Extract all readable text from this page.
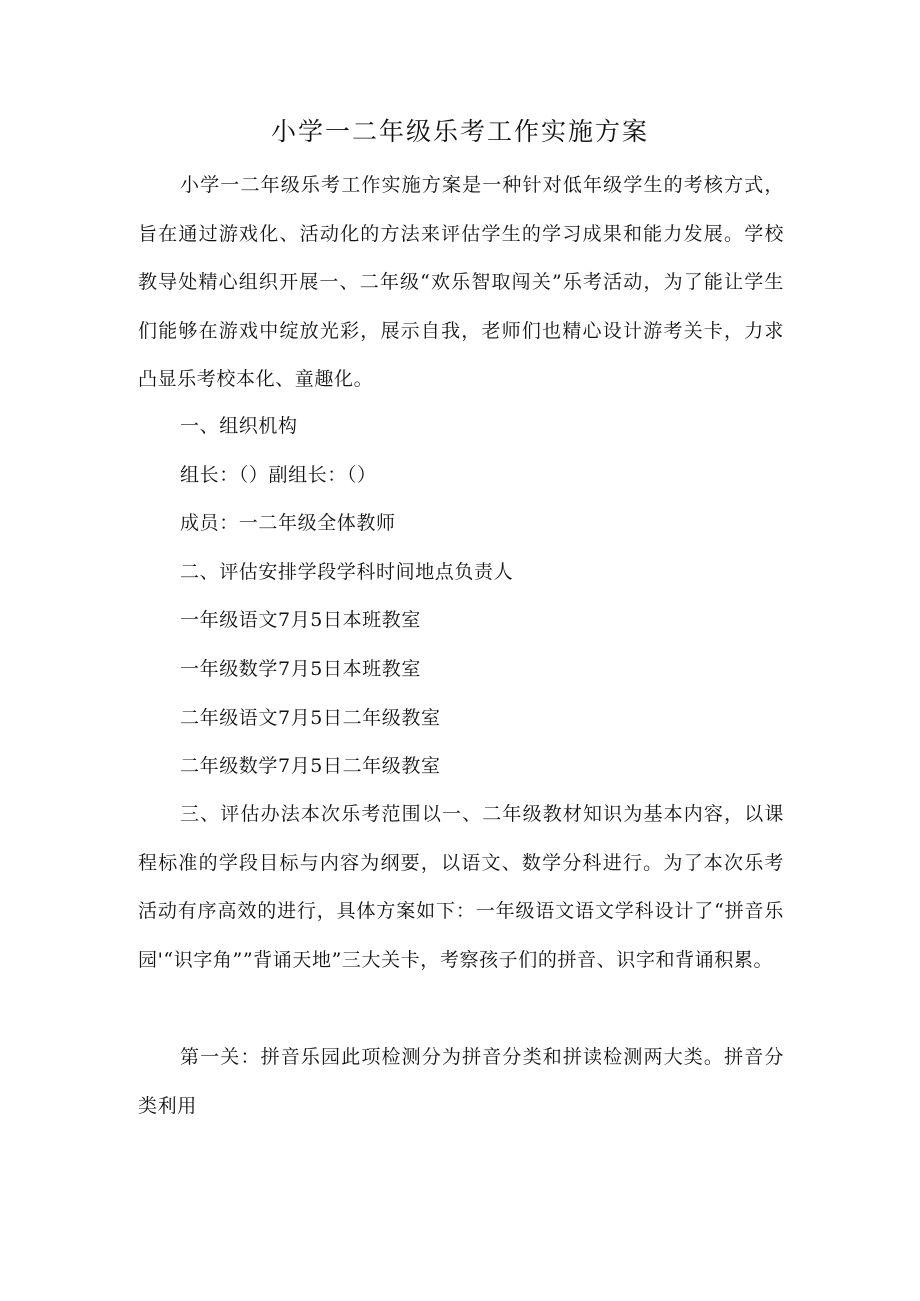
小学一二年级乐考工作实施方案

小学一二年级乐考工作实施方案是一种针对低年级学生的考核方式，旨在通过游戏化、活动化的方法来评估学生的学习成果和能力发展。学校教导处精心组织开展一、二年级“欢乐智取闯关”乐考活动，为了能让学生们能够在游戏中绽放光彩，展示自我，老师们也精心设计游考关卡，力求凸显乐考校本化、童趣化。

一、组织机构

组长：（）副组长：（）

成员：一二年级全体教师

二、评估安排学段学科时间地点负责人

一年级语文7月5日本班教室

一年级数学7月5日本班教室

二年级语文7月5日二年级教室

二年级数学7月5日二年级教室

三、评估办法本次乐考范围以一、二年级教材知识为基本内容，以课程标准的学段目标与内容为纲要，以语文、数学分科进行。为了本次乐考活动有序高效的进行，具体方案如下：一年级语文语文学科设计了“拼音乐园'“识字角””背诵天地”三大关卡，考察孩子们的拼音、识字和背诵积累。

第一关：拼音乐园此项检测分为拼音分类和拼读检测两大类。拼音分类利用
